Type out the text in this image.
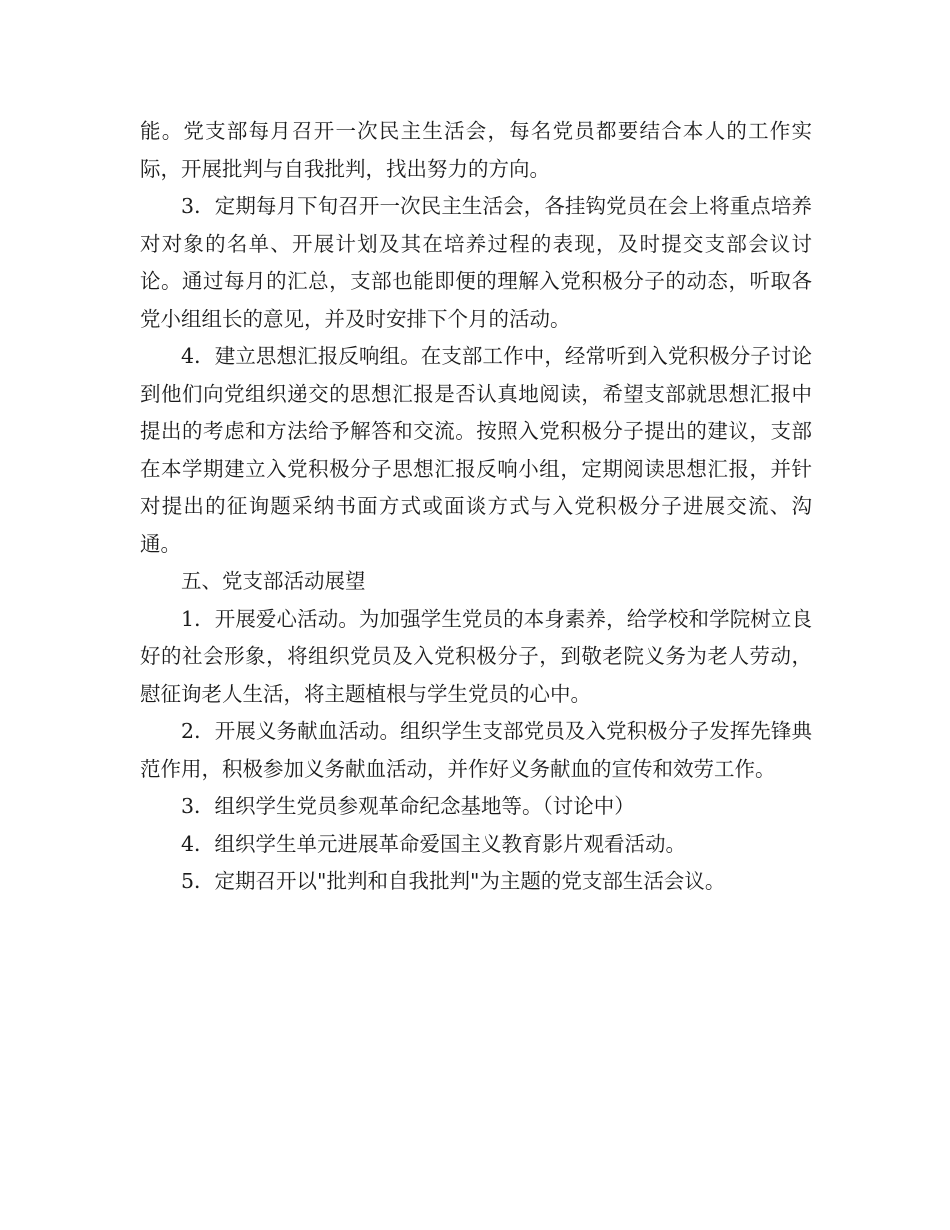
能。党支部每月召开一次民主生活会，每名党员都要结合本人的工作实际，开展批判与自我批判，找出努力的方向。

3．定期每月下旬召开一次民主生活会，各挂钩党员在会上将重点培养对对象的名单、开展计划及其在培养过程的表现，及时提交支部会议讨论。通过每月的汇总，支部也能即便的理解入党积极分子的动态，听取各党小组组长的意见，并及时安排下个月的活动。

4．建立思想汇报反响组。在支部工作中，经常听到入党积极分子讨论到他们向党组织递交的思想汇报是否认真地阅读，希望支部就思想汇报中提出的考虑和方法给予解答和交流。按照入党积极分子提出的建议，支部在本学期建立入党积极分子思想汇报反响小组，定期阅读思想汇报，并针对提出的征询题采纳书面方式或面谈方式与入党积极分子进展交流、沟通。

五、党支部活动展望

1．开展爱心活动。为加强学生党员的本身素养，给学校和学院树立良好的社会形象，将组织党员及入党积极分子，到敬老院义务为老人劳动，慰征询老人生活，将主题植根与学生党员的心中。

2．开展义务献血活动。组织学生支部党员及入党积极分子发挥先锋典范作用，积极参加义务献血活动，并作好义务献血的宣传和效劳工作。

3．组织学生党员参观革命纪念基地等。（讨论中）

4．组织学生单元进展革命爱国主义教育影片观看活动。

5．定期召开以"批判和自我批判"为主题的党支部生活会议。
